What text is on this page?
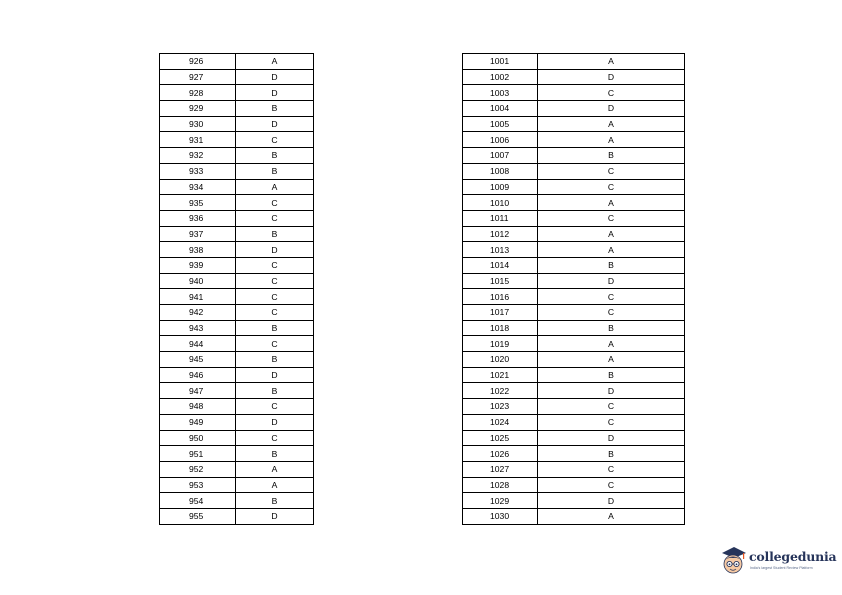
926	A
927	D
928	D
929	B
930	D
931	C
932	B
933	B
934	A
935	C
936	C
937	B
938	D
939	C
940	C
941	C
942	C
943	B
944	C
945	B
946	D
947	B
948	C
949	D
950	C
951	B
952	A
953	A
954	B
955	D
1001	A
1002	D
1003	C
1004	D
1005	A
1006	A
1007	B
1008	C
1009	C
1010	A
1011	C
1012	A
1013	A
1014	B
1015	D
1016	C
1017	C
1018	B
1019	A
1020	A
1021	B
1022	D
1023	C
1024	C
1025	D
1026	B
1027	C
1028	C
1029	D
1030	A
collegedunia
India's largest Student Review Platform
